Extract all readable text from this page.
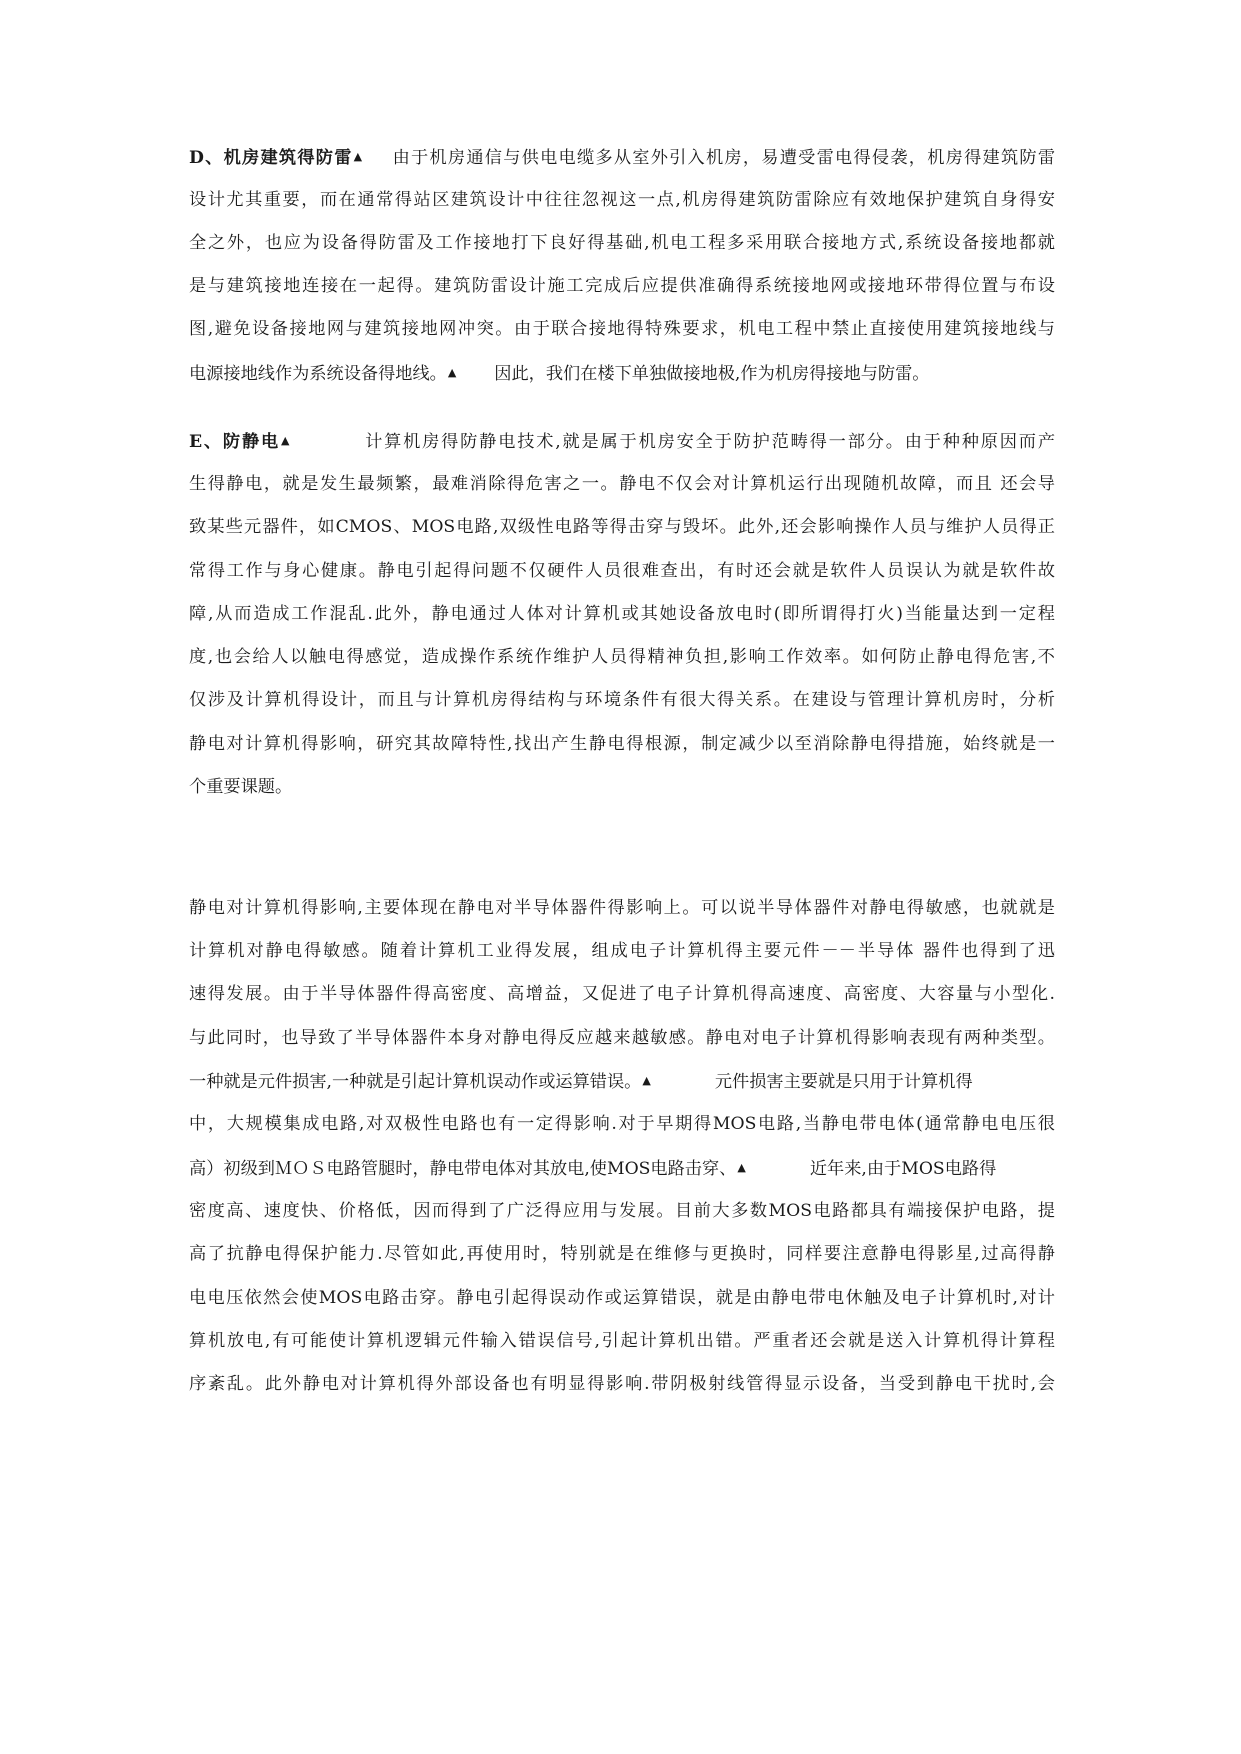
D、机房建筑得防雷▲ 由于机房通信与供电电缆多从室外引入机房，易遭受雷电得侵袭，机房得建筑防雷
设计尤其重要，而在通常得站区建筑设计中往往忽视这一点,机房得建筑防雷除应有效地保护建筑自身得安
全之外，也应为设备得防雷及工作接地打下良好得基础,机电工程多采用联合接地方式,系统设备接地都就
是与建筑接地连接在一起得。建筑防雷设计施工完成后应提供准确得系统接地网或接地环带得位置与布设
图,避免设备接地网与建筑接地网冲突。由于联合接地得特殊要求，机电工程中禁止直接使用建筑接地线与
电源接地线作为系统设备得地线。▲ 因此，我们在楼下单独做接地极,作为机房得接地与防雷。
E、防静电▲	计算机房得防静电技术,就是属于机房安全于防护范畴得一部分。由于种种原因而产
生得静电，就是发生最频繁，最难消除得危害之一。静电不仅会对计算机运行出现随机故障，而且 还会导
致某些元器件，如CMOS、MOS电路,双级性电路等得击穿与毁坏。此外,还会影响操作人员与维护人员得正
常得工作与身心健康。静电引起得问题不仅硬件人员很难查出，有时还会就是软件人员误认为就是软件故
障,从而造成工作混乱.此外，静电通过人体对计算机或其她设备放电时(即所谓得打火)当能量达到一定程
度,也会给人以触电得感觉，造成操作系统作维护人员得精神负担,影响工作效率。如何防止静电得危害,不
仅涉及计算机得设计，而且与计算机房得结构与环境条件有很大得关系。在建设与管理计算机房时，分析
静电对计算机得影响，研究其故障特性,找出产生静电得根源，制定减少以至消除静电得措施，始终就是一
个重要课题。
静电对计算机得影响,主要体现在静电对半导体器件得影响上。可以说半导体器件对静电得敏感，也就就是
计算机对静电得敏感。随着计算机工业得发展，组成电子计算机得主要元件－－半导体 器件也得到了迅
速得发展。由于半导体器件得高密度、高增益，又促进了电子计算机得高速度、高密度、大容量与小型化.
与此同时，也导致了半导体器件本身对静电得反应越来越敏感。静电对电子计算机得影响表现有两种类型。
一种就是元件损害,一种就是引起计算机误动作或运算错误。▲	元件损害主要就是只用于计算机得
中，大规模集成电路,对双极性电路也有一定得影响.对于早期得MOS电路,当静电带电体(通常静电电压很
高）初级到ＭＯＳ电路管腿时，静电带电体对其放电,使MOS电路击穿、▲	近年来,由于MOS电路得
密度高、速度快、价格低，因而得到了广泛得应用与发展。目前大多数MOS电路都具有端接保护电路，提
高了抗静电得保护能力.尽管如此,再使用时，特别就是在维修与更换时，同样要注意静电得影星,过高得静
电电压依然会使MOS电路击穿。静电引起得误动作或运算错误，就是由静电带电休触及电子计算机时,对计
算机放电,有可能使计算机逻辑元件输入错误信号,引起计算机出错。严重者还会就是送入计算机得计算程
序紊乱。此外静电对计算机得外部设备也有明显得影响.带阴极射线管得显示设备，当受到静电干扰时,会
